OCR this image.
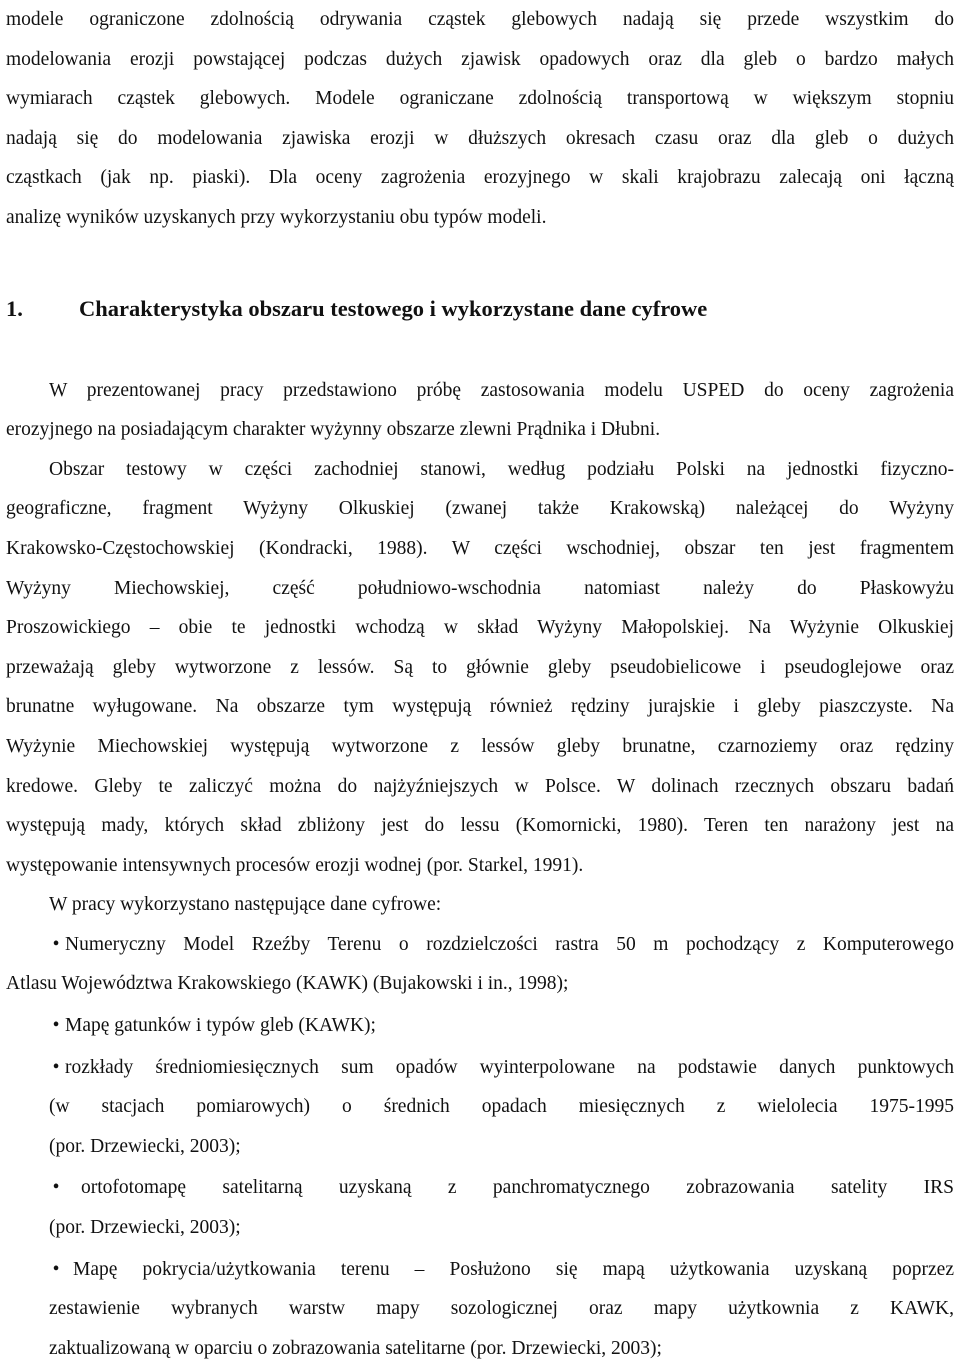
modele ograniczone zdolnością odrywania cząstek glebowych nadają się przede wszystkim do
modelowania erozji powstającej podczas dużych zjawisk opadowych oraz dla gleb o bardzo małych
wymiarach cząstek glebowych. Modele ograniczane zdolnością transportową w większym stopniu
nadają się do modelowania zjawiska erozji w dłuższych okresach czasu oraz dla gleb o dużych
cząstkach (jak np. piaski). Dla oceny zagrożenia erozyjnego w skali krajobrazu zalecają oni łączną
analizę wyników uzyskanych przy wykorzystaniu obu typów modeli.
1. Charakterystyka obszaru testowego i wykorzystane dane cyfrowe
W prezentowanej pracy przedstawiono próbę zastosowania modelu USPED do oceny zagrożenia
erozyjnego na posiadającym charakter wyżynny obszarze zlewni Prądnika i Dłubni.
Obszar testowy w części zachodniej stanowi, według podziału Polski na jednostki fizyczno-
geograficzne, fragment Wyżyny Olkuskiej (zwanej także Krakowską) należącej do Wyżyny
Krakowsko-Częstochowskiej (Kondracki, 1988). W części wschodniej, obszar ten jest fragmentem
Wyżyny Miechowskiej, część południowo-wschodnia natomiast należy do Płaskowyżu
Proszowickiego – obie te jednostki wchodzą w skład Wyżyny Małopolskiej. Na Wyżynie Olkuskiej
przeważają gleby wytworzone z lessów. Są to głównie gleby pseudobielicowe i pseudoglejowe oraz
brunatne wyługowane. Na obszarze tym występują również rędziny jurajskie i gleby piaszczyste. Na
Wyżynie Miechowskiej występują wytworzone z lessów gleby brunatne, czarnoziemy oraz rędziny
kredowe. Gleby te zaliczyć można do najżyźniejszych w Polsce. W dolinach rzecznych obszaru badań
występują mady, których skład zbliżony jest do lessu (Komornicki, 1980). Teren ten narażony jest na
występowanie intensywnych procesów erozji wodnej (por. Starkel, 1991).
W pracy wykorzystano następujące dane cyfrowe:
• Numeryczny Model Rzeźby Terenu o rozdzielczości rastra 50 m pochodzący z Komputerowego
Atlasu Województwa Krakowskiego (KAWK) (Bujakowski i in., 1998);
• Mapę gatunków i typów gleb (KAWK);
• rozkłady średniomiesięcznych sum opadów wyinterpolowane na podstawie danych punktowych
(w stacjach pomiarowych) o średnich opadach miesięcznych z wielolecia 1975-1995
(por. Drzewiecki, 2003);
•	ortofotomapę satelitarną uzyskaną z panchromatycznego zobrazowania satelity IRS
(por. Drzewiecki, 2003);
• Mapę pokrycia/użytkowania terenu – Posłużono się mapą użytkowania uzyskaną poprzez
zestawienie wybranych warstw mapy sozologicznej oraz mapy użytkownia z KAWK,
zaktualizowaną w oparciu o zobrazowania satelitarne (por. Drzewiecki, 2003);
